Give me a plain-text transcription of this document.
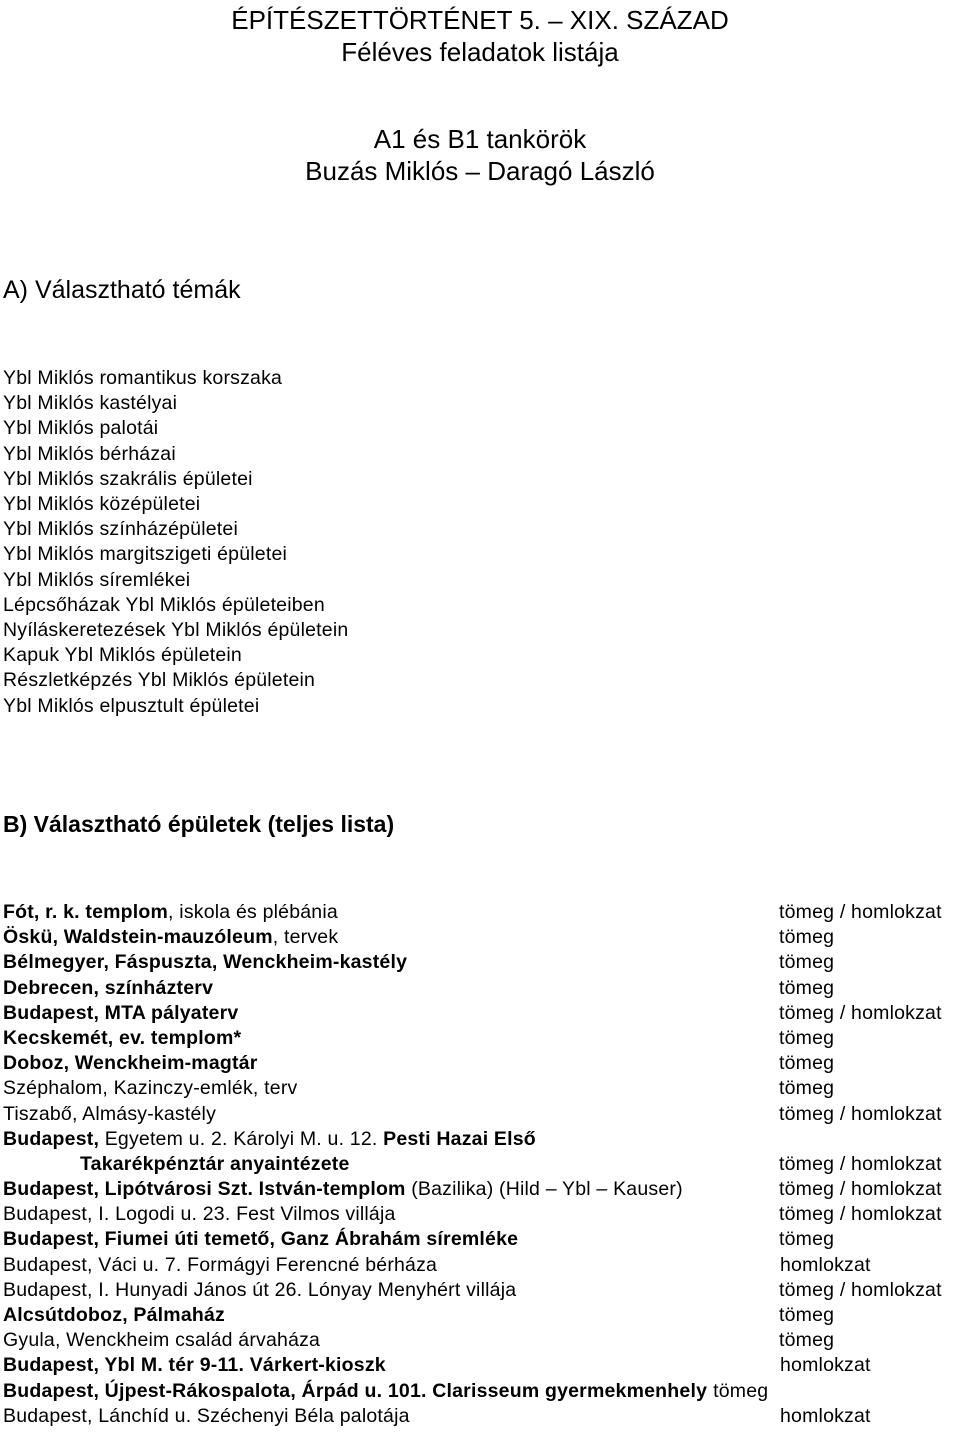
ÉPÍTÉSZETTÖRTÉNET 5. – XIX. SZÁZAD

Féléves feladatok listája

A1 és B1 tankörök

Buzás Miklós – Daragó László

A) Választható témák
Ybl Miklós romantikus korszaka
Ybl Miklós kastélyai
Ybl Miklós palotái
Ybl Miklós bérházai
Ybl Miklós szakrális épületei
Ybl Miklós középületei
Ybl Miklós színházépületei
Ybl Miklós margitszigeti épületei
Ybl Miklós síremlékei
Lépcsőházak Ybl Miklós épületeiben
Nyíláskeretezések Ybl Miklós épületein
Kapuk Ybl Miklós épületein
Részletképzés Ybl Miklós épületein
Ybl Miklós elpusztult épületei
B) Választható épületek (teljes lista)
Fót, r. k. templom, iskola és plébánia	tömeg / homlokzat
Öskü, Waldstein-mauzóleum, tervek	tömeg
Bélmegyer, Fáspuszta, Wenckheim-kastély	tömeg
Debrecen, színházterv	tömeg
Budapest, MTA pályaterv	tömeg / homlokzat
Kecskemét, ev. templom*	tömeg
Doboz, Wenckheim-magtár	tömeg
Széphalom, Kazinczy-emlék, terv	tömeg
Tiszabő, Almásy-kastély	tömeg / homlokzat
Budapest, Egyetem u. 2. Károlyi M. u. 12. Pesti Hazai Első
Takarékpénztár anyaintézete	tömeg / homlokzat
Budapest, Lipótvárosi Szt. István-templom (Bazilika) (Hild – Ybl – Kauser)	tömeg / homlokzat
Budapest, I. Logodi u. 23. Fest Vilmos villája	tömeg / homlokzat
Budapest, Fiumei úti temető, Ganz Ábrahám síremléke	tömeg
Budapest, Váci u. 7. Formágyi Ferencné bérháza	homlokzat
Budapest, I. Hunyadi János út 26. Lónyay Menyhért villája	tömeg / homlokzat
Alcsútdoboz, Pálmaház	tömeg
Gyula, Wenckheim család árvaháza	tömeg
Budapest, Ybl M. tér 9-11. Várkert-kioszk	homlokzat
Budapest, Újpest-Rákospalota, Árpád u. 101. Clarisseum gyermekmenhely tömeg
Budapest, Lánchíd u. Széchenyi Béla palotája	homlokzat
